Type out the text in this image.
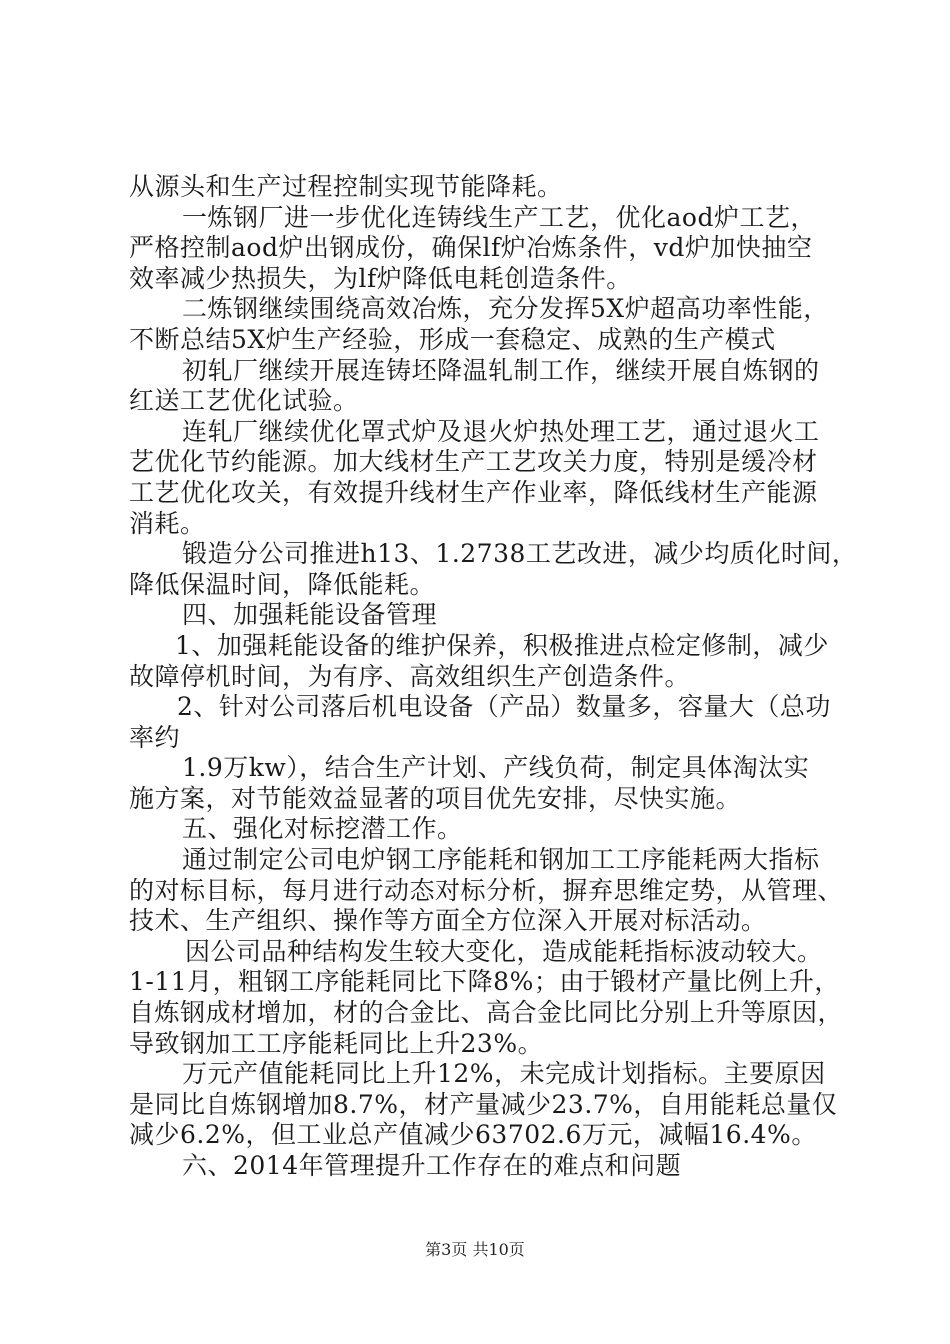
从源头和生产过程控制实现节能降耗。
一炼钢厂进一步优化连铸线生产工艺，优化aod炉工艺，
严格控制aod炉出钢成份，确保lf炉冶炼条件，vd炉加快抽空
效率减少热损失，为lf炉降低电耗创造条件。
二炼钢继续围绕高效冶炼，充分发挥5X炉超高功率性能，
不断总结5X炉生产经验，形成一套稳定、成熟的生产模式
初轧厂继续开展连铸坯降温轧制工作，继续开展自炼钢的
红送工艺优化试验。
连轧厂继续优化罩式炉及退火炉热处理工艺，通过退火工
艺优化节约能源。加大线材生产工艺攻关力度，特别是缓冷材
工艺优化攻关，有效提升线材生产作业率，降低线材生产能源
消耗。
锻造分公司推进h13、1.2738工艺改进，减少均质化时间，
降低保温时间，降低能耗。
四、加强耗能设备管理
1、加强耗能设备的维护保养，积极推进点检定修制，减少
故障停机时间，为有序、高效组织生产创造条件。
2、针对公司落后机电设备（产品）数量多，容量大（总功
率约
1.9万kw），结合生产计划、产线负荷，制定具体淘汰实
施方案，对节能效益显著的项目优先安排，尽快实施。
五、强化对标挖潜工作。
通过制定公司电炉钢工序能耗和钢加工工序能耗两大指标
的对标目标，每月进行动态对标分析，摒弃思维定势，从管理、
技术、生产组织、操作等方面全方位深入开展对标活动。
因公司品种结构发生较大变化，造成能耗指标波动较大。
1-11月，粗钢工序能耗同比下降8%；由于锻材产量比例上升，
自炼钢成材增加，材的合金比、高合金比同比分别上升等原因，
导致钢加工工序能耗同比上升23%。
万元产值能耗同比上升12%，未完成计划指标。主要原因
是同比自炼钢增加8.7%，材产量减少23.7%，自用能耗总量仅
减少6.2%，但工业总产值减少63702.6万元，减幅16.4%。
六、2014年管理提升工作存在的难点和问题
第3页 共10页
